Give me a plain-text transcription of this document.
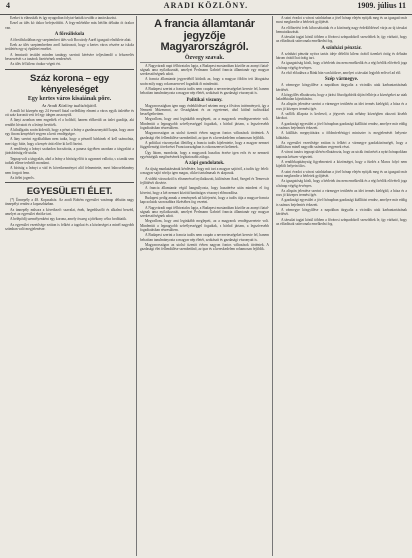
4	ARADI KÖZLÖNY.	1909. július 11

Ezeket is elárusíták és így nyugodtan folytat-hatták tovább a tanácskozást.

Ezzel az ülés kö tízkor befejeződött. A fegy-mlétekbe más hétfőn délután öt órakor van.

A főreáliskola

A főreáliskolában egy szeptemberi ülés volt Bocsárdy Aurél igazgató elnöklete alatt.

Ezek az ülés szeptemberben arról határozott, hogy a kertes város részére az iskola területén egy uj épületet emeltet.

A fenntartó testület minden tantárgy szerinti kérésére teljesítendő a felszerelés beszerzését s a tanárok fizetésének rendezését.

Az ülés fél kilenc órakor végett ért.

Száz korona – egy kėnyeleséget
Egy kertes város kisaiának pőre.
Az Aradi Közlöny tudósítójától.

A múlt hó közepén egy 24 évesnél fiatal cselédlány elment a város egyik üzletébe és ott száz koronát vett fel egy idegen asszonytól.

A lányt azonban nem engedték el a boltból, hanem előkerült az üzlet gazdája, aki rendőrt hívatott és a leányt bevitték.

A kihallgatás során kiderült, hogy a pénzt a leány a gazdasszonyától kapta, hogy azon egy finom kenyérkét vegyen a kerti vendégségre.

A lány szerint egyáltalában nem tudta, hogy a pénzről bárkinek el kell számolnia, mert úgy hitte, hogy a kenyér árát előre ki kell fizetni.

A rendőrség a leányt szabadon bocsátotta, a panasz ügyében azonban a tárgyalást a járásbíróság elé utalta.

Tegnap volt a tárgyalás, ahol a leány a bíróság előtt is ugyanezt vallotta, s a tanúk sem tudtak ellene terhelőt mondani.

A bíróság a leányt a vád és következményei alól felmentette, mert bűncselekmény nem forgott fenn.

Az ítélet jogerős.

EGYESÜLETI ÉLET.

(*) Ünnepély a 48. Kopaszház. Az aradi Bohém egyesület vasárnap délután nagy ünnepélyt rendez a kopaszházban.

Az ünnepély műsora a következő: szavalat, ének, hegedűszóló és alkalmi beszéd, amelyet az egyesület elnöke tart.

A belépődíj személyenként egy korona, amely összeg a jótékony célra fordíttatik.

Az egyesület vezetősége ezúton is felkéri a tagokat és a közönséget a minél nagyobb számban való megjelenésre.

A francia államtanár jegyzője Magyarországról.
Özvegy szavak.

A Nagyváradi napi félhivatalos lapja, a Budapest mostanában közölte az aranyi fiatal-ságnak ama nyilatkozatát, amelyet Perlmann Gabriel francia államtanár egy magyar szerkesztőségnek adott.

A francia államtanár jegyzetéből kitűnik az, hogy a magyar földön tett látogatása során mily nagy rokonszenvvel fogadták őt mindenütt.

A Budapest szerint a francia tudós nem csupán a nevezetességeket kereste fel, hanem behatóan tanulmányozta a magyar nép életét, szokásait és gazdasági viszonyait is.

Politikai viszony.

Magyarországban igen nagy érdeklődéssel néztem meg a főváros intézményeit, így a Nemzeti Múzeumot, az Országházat és az egyetemet, ahol kitűnő tudósokkal beszélgethettem.

Megvallom, hogy ami leginkább meglepett, az a magyarok vendégszeretete volt. Mindenütt a legnagyobb szívélyességgel fogadtak, s bárhol jártam, a legszívesebb fogadtatásban részesültem.

Magyarországon az utolsó tizenöt évben nagyon fontos változások történtek. A gazdasági élet fellendülése szembetűnő, az ipar és a kereskedelem rohamosan fejlődik.

A politikai viszonyokat illetőleg a francia tudós kijelentette, hogy a magyar nemzet függetlenségi törekvései Franciaországban is rokonszenvet keltenek.

Úgy látom, mondotta, hogy a magyarok hazafias érzése igen erős és ez nemzeti egyéniségük megőrzésének legbiztosabb záloga.

A zápi gondolatok.

Az újság munkatársának kérdésére, hogy mit tart a magyar sajtóról, a tudós így felelt: a magyar sajtó nívója igen magas, cikkei tartalmasak és alaposak.

A vidéki városokról is elismeréssel nyilatkozott, különösen Arad, Szeged és Temesvár fejlődését dicsérte.

A francia államtanár végül hangsúlyozta, hogy hazatérése után mindent el fog követni, hogy a két nemzet közötti barátságos viszonyt előmozdítsa.

Budapest pedig annak a reménynek ad kifejezést, hogy a tudós útja a magyar-francia kapcsolatok szorosabbra fűzéséhez fog vezetni.

A Nagyváradi napi félhivatalos lapja, a Budapest mostanában közölte az aranyi fiatal-ságnak ama nyilatkozatát, amelyet Perlmann Gabriel francia államtanár egy magyar szerkesztőségnek adott.

Megvallom, hogy ami leginkább meglepett, az a magyarok vendégszeretete volt. Mindenütt a legnagyobb szívélyességgel fogadtak, s bárhol jártam, a legszívesebb fogadtatásban részesültem.

A Budapest szerint a francia tudós nem csupán a nevezetességeket kereste fel, hanem behatóan tanulmányozta a magyar nép életét, szokásait és gazdasági viszonyait is.

Magyarországon az utolsó tizenöt évben nagyon fontos változások történtek. A gazdasági élet fellendülése szembetűnő, az ipar és a kereskedelem rohamosan fejlődik.

A szini évadot a városi színházban a jövő hónap elején nyitják meg és az igazgató már most megkezdte a bérletek gyűjtését.

Az előfizetési ívek kibocsáttattak és a közönség nagy érdeklődéssel várja az új társulat bemutatkozását.

A társulat tagjai közül többen a fővárosi színpadokról szerződtek le, így várható, hogy az előadások színvonala emelkedni fog.

A színházi pénztár.

A színházi pénztár nyitva tartás ideje délelőtt kilenc órától tizenkét óráig és délután három órától hat óráig tart.

Az igazgatóság közli, hogy a bérletek ára nem emelkedik és a régi bérlők elővételi joga a hónap végéig érvényes.

Az első előadásra a Bánk bán van kitűzve, amelyet a társulat legjobb erőivel ad elő.

Szép vármegye.

A vármegye közgyűlése a napokban tárgyalta a vicinális utak karbantartásának kérdését.

A közgyűlés elhatározta, hogy a járási főszolgabírók útján felhívja a községeket az utak haladéktalan kijavítására.

Az alispán jelentése szerint a vármegye területén az idei termés kielégítő, a búza és a rozs jó közepes termést ígér.

A szőlők állapota is kedvező, a jégverés csak néhány községben okozott kisebb károkat.

A gazdasági egyesület a jövő hónapban gazdasági kiállítást rendez, amelyre már eddig is számos bejelentés érkezett.

A kiállítás megnyitására a földmívelésügyi miniszter is megjelenését helyezte kilátásba.

Az egyesület vezetősége ezúton is felkéri a vármegye gazdaközönségét, hogy a kiállításon minél nagyobb számban vegyenek részt.

A városi tanács tegnapi ülésén elhatározta, hogy az utcák öntözését a nyári hónapokban naponta kétszer végezteti.

A rendőrkapitányság figyelmezteti a közönséget, hogy a fürdés a Maros folyó nem kijelölt helyein tilos.

A szini évadot a városi színházban a jövő hónap elején nyitják meg és az igazgató már most megkezdte a bérletek gyűjtését.

Az igazgatóság közli, hogy a bérletek ára nem emelkedik és a régi bérlők elővételi joga a hónap végéig érvényes.

Az alispán jelentése szerint a vármegye területén az idei termés kielégítő, a búza és a rozs jó közepes termést ígér.

A gazdasági egyesület a jövő hónapban gazdasági kiállítást rendez, amelyre már eddig is számos bejelentés érkezett.

A vármegye közgyűlése a napokban tárgyalta a vicinális utak karbantartásának kérdését.

A társulat tagjai közül többen a fővárosi színpadokról szerződtek le, így várható, hogy az előadások színvonala emelkedni fog.
